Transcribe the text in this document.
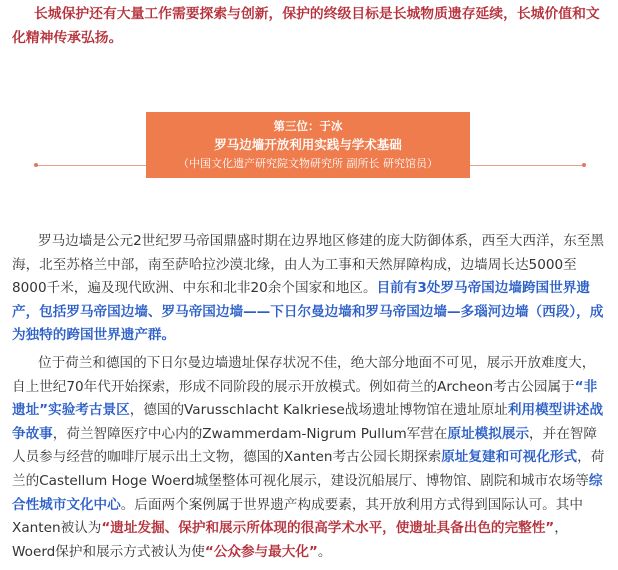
长城保护还有大量工作需要探索与创新，保护的终级目标是长城物质遗存延续，长城价值和文化精神传承弘扬。

第三位：于冰
罗马边墙开放利用实践与学术基础
（中国文化遗产研究院文物研究所 副所长 研究馆员）

罗马边墙是公元2世纪罗马帝国鼎盛时期在边界地区修建的庞大防御体系，西至大西洋，东至黑海，北至苏格兰中部，南至萨哈拉沙漠北缘，由人为工事和天然屏障构成，边墙周长达5000至8000千米，遍及现代欧洲、中东和北非20余个国家和地区。目前有3处罗马帝国边墙跨国世界遗产，包括罗马帝国边墙、罗马帝国边墙——下日尔曼边墙和罗马帝国边墙—多瑙河边墙（西段），成为独特的跨国世界遗产群。

位于荷兰和德国的下日尔曼边墙遗址保存状况不佳，绝大部分地面不可见，展示开放难度大，自上世纪70年代开始探索，形成不同阶段的展示开放模式。例如荷兰的Archeon考古公园属于“非遗址”实验考古景区，德国的Varusschlacht Kalkriese战场遗址博物馆在遗址原址利用模型讲述战争故事，荷兰智障医疗中心内的Zwammerdam-Nigrum Pullum军营在原址模拟展示，并在智障人员参与经营的咖啡厅展示出土文物，德国的Xanten考古公园长期探索原址复建和可视化形式，荷兰的Castellum Hoge Woerd城堡整体可视化展示，建设沉船展厅、博物馆、剧院和城市农场等综合性城市文化中心。后面两个案例属于世界遗产构成要素，其开放利用方式得到国际认可。其中Xanten被认为“遗址发掘、保护和展示所体现的很高学术水平，使遗址具备出色的完整性”，Woerd保护和展示方式被认为使“公众参与最大化”。
